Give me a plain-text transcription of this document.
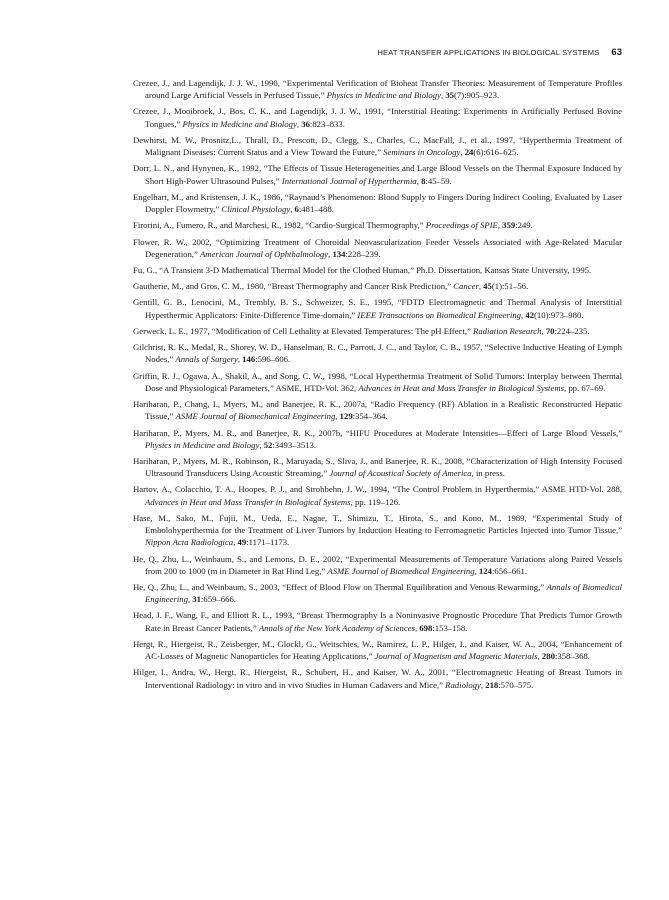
HEAT TRANSFER APPLICATIONS IN BIOLOGICAL SYSTEMS 63
Crezee, J., and Lagendijk, J. J. W., 1990, “Experimental Verification of Bioheat Transfer Theories: Measurement of Temperature Profiles around Large Artificial Vessels in Perfused Tissue,” Physics in Medicine and Biology, 35(7):905–923.
Crezee, J., Mooibroek, J., Bos, C. K., and Lagendijk, J. J. W., 1991, “Interstitial Heating: Experiments in Artificially Perfused Bovine Tongues,” Physics in Medicine and Biology, 36:823–833.
Dewhirst, M. W., Prosnitz,L., Thrall, D., Prescott, D., Clegg, S., Charles, C., MacFall, J., et al., 1997, “Hyperthermia Treatment of Malignant Diseases: Current Status and a View Toward the Future,” Seminars in Oncology, 24(6):616–625.
Dorr, L. N., and Hynynen, K., 1992, “The Effects of Tissue Heterogeneities and Large Blood Vessels on the Thermal Exposure Induced by Short High-Power Ultrasound Pulses,” International Journal of Hyperthermia, 8:45–59.
Engelhart, M., and Kristensen, J. K., 1986, “Raynaud’s Phenomenon: Blood Supply to Fingers During Indirect Cooling, Evaluated by Laser Doppler Flowmetry,” Clinical Physiology, 6:481–488.
Firorini, A., Fumero, R., and Marchesi, R., 1982, “Cardio-Surgical Thermography,” Proceedings of SPIE, 359:249.
Flower, R. W., 2002, “Optimizing Treatment of Choroidal Neovascularization Feeder Vessels Associated with Age-Related Macular Degeneration,” American Journal of Ophthalmology, 134:228–239.
Fu, G., “A Transient 3-D Mathematical Thermal Model for the Clothed Human,” Ph.D. Dissertation, Kansas State University, 1995.
Gautherie, M., and Gros, C. M., 1980, “Breast Thermography and Cancer Risk Prediction,” Cancer, 45(1):51–56.
Gentill, G. B., Lenocini, M., Trembly, B. S., Schweizer, S. E., 1995, “FDTD Electromagnetic and Thermal Analysis of Interstitial Hyperthermic Applicators: Finite-Difference Time-domain,” IEEE Transactions on Biomedical Engineering, 42(10):973–980.
Gerweck, L. E., 1977, “Modification of Cell Lethality at Elevated Temperatures: The pH Effect,” Radiation Research, 70:224–235.
Gilchrist, R. K., Medal, R., Shorey, W. D., Hanselman, R. C., Parrott, J. C., and Taylor, C. B., 1957, “Selective Inductive Heating of Lymph Nodes,” Annals of Surgery, 146:596–606.
Griffin, R. J., Ogawa, A., Shakil, A., and Song, C. W., 1998, “Local Hyperthermia Treatment of Solid Tumors: Interplay between Thermal Dose and Physiological Parameters,” ASME, HTD-Vol. 362, Advances in Heat and Mass Transfer in Biological Systems, pp. 67–69.
Hariharan, P., Chang, I., Myers, M., and Banerjee, R. K., 2007a, “Radio Frequency (RF) Ablation in a Realistic Reconstructed Hepatic Tissue,” ASME Journal of Biomechanical Engineering, 129:354–364.
Hariharan, P., Myers, M. R., and Banerjee, R. K., 2007b, “HIFU Procedures at Moderate Intensities—Effect of Large Blood Vessels,” Physics in Medicine and Biology, 52:3493–3513.
Hariharan, P., Myers, M. R., Robinson, R., Maruyada, S., Sliva, J., and Banerjee, R. K., 2008, “Characterization of High Intensity Focused Ultrasound Transducers Using Acoustic Streaming,” Journal of Acoustical Society of America, in press.
Hartov, A., Colacchio, T. A., Hoopes, P. J., and Strohbehn, J. W., 1994, “The Control Problem in Hyperthermia,” ASME HTD-Vol. 288, Advances in Heat and Mass Transfer in Biological Systems, pp. 119–126.
Hase, M., Sako, M., Fujii, M., Ueda, E., Nagae, T., Shimizu, T., Hirota, S., and Kono, M., 1989, “Experimental Study of Embolohyperthermia for the Treatment of Liver Tumors by Induction Heating to Ferromagnetic Particles Injected into Tumor Tissue,” Nippon Acta Radiologica, 49:1171–1173.
He, Q., Zhu, L., Weinbaum, S., and Lemons, D. E., 2002, “Experimental Measurements of Temperature Variations along Paired Vessels from 200 to 1000 (m in Diameter in Rat Hind Leg,” ASME Journal of Biomedical Engineering, 124:656–661.
He, Q., Zhu, L., and Weinbaum, S., 2003, “Effect of Blood Flow on Thermal Equilibration and Venous Rewarming,” Annals of Biomedical Engineering, 31:659–666.
Head, J. F., Wang, F., and Elliott R. L., 1993, “Breast Thermography Is a Noninvasive Prognostic Procedure That Predicts Tumor Growth Rate in Breast Cancer Patients,” Annals of the New York Academy of Sciences, 698:153–158.
Hergt, R., Hiergeist, R., Zeisberger, M., Glockl, G., Weitschies, W., Ramirez, L. P., Hilger, I., and Kaiser, W. A., 2004, “Enhancement of AC-Losses of Magnetic Nanoparticles for Heating Applications,” Journal of Magnetism and Magnetic Materials, 280:358–368.
Hilger, I., Andra, W., Hergt, R., Hiergeist, R., Schubert, H., and Kaiser, W. A., 2001, “Electromagnetic Heating of Breast Tumors in Interventional Radiology: in vitro and in vivo Studies in Human Cadavers and Mice,” Radiology, 218:570–575.
